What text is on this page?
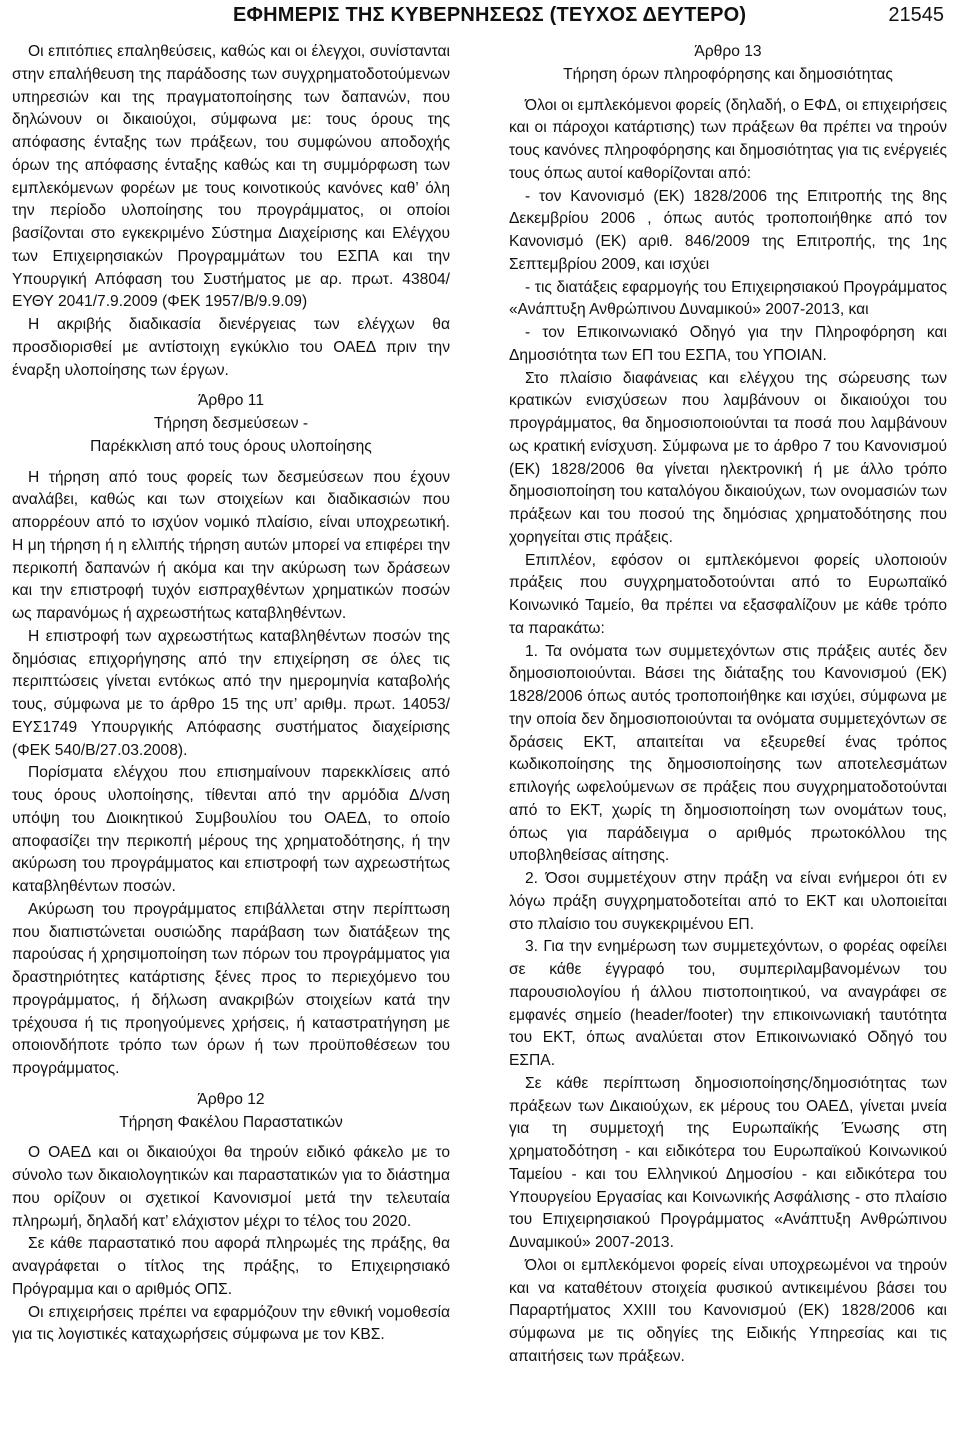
ΕΦΗΜΕΡΙΣ ΤΗΣ ΚΥΒΕΡΝΗΣΕΩΣ (ΤΕΥΧΟΣ ΔΕΥΤΕΡΟ)	21545

Οι επιτόπιες επαληθεύσεις, καθώς και οι έλεγχοι, συνίστανται στην επαλήθευση της παράδοσης των συγχρηματοδοτούμενων υπηρεσιών και της πραγματοποίησης των δαπανών, που δηλώνουν οι δικαιούχοι, σύμφωνα με: τους όρους της απόφασης ένταξης των πράξεων, του συμφώνου αποδοχής όρων της απόφασης ένταξης καθώς και τη συμμόρφωση των εμπλεκόμενων φορέων με τους κοινοτικούς κανόνες καθ’ όλη την περίοδο υλοποίησης του προγράμματος, οι οποίοι βασίζονται στο εγκεκριμένο Σύστημα Διαχείρισης και Ελέγχου των Επιχειρησιακών Προγραμμάτων του ΕΣΠΑ και την Υπουργική Απόφαση του Συστήματος με αρ. πρωτ. 43804/ΕΥΘΥ 2041/7.9.2009 (ΦΕΚ 1957/Β/9.9.09)

Η ακριβής διαδικασία διενέργειας των ελέγχων θα προσδιορισθεί με αντίστοιχη εγκύκλιο του ΟΑΕΔ πριν την έναρξη υλοποίησης των έργων.

Άρθρο 11

Τήρηση δεσμεύσεων -

Παρέκκλιση από τους όρους υλοποίησης

Η τήρηση από τους φορείς των δεσμεύσεων που έχουν αναλάβει, καθώς και των στοιχείων και διαδικασιών που απορρέουν από το ισχύον νομικό πλαίσιο, είναι υποχρεωτική. Η μη τήρηση ή η ελλιπής τήρηση αυτών μπορεί να επιφέρει την περικοπή δαπανών ή ακόμα και την ακύρωση των δράσεων και την επιστροφή τυχόν εισπραχθέντων χρηματικών ποσών ως παρανόμως ή αχρεωστήτως καταβληθέντων.

Η επιστροφή των αχρεωστήτως καταβληθέντων ποσών της δημόσιας επιχορήγησης από την επιχείρηση σε όλες τις περιπτώσεις γίνεται εντόκως από την ημερομηνία καταβολής τους, σύμφωνα με το άρθρο 15 της υπ’ αριθμ. πρωτ. 14053/ΕΥΣ1749 Υπουργικής Απόφασης συστήματος διαχείρισης (ΦΕΚ 540/Β/27.03.2008).

Πορίσματα ελέγχου που επισημαίνουν παρεκκλίσεις από τους όρους υλοποίησης, τίθενται από την αρμόδια Δ/νση υπόψη του Διοικητικού Συμβουλίου του ΟΑΕΔ, το οποίο αποφασίζει την περικοπή μέρους της χρηματοδότησης, ή την ακύρωση του προγράμματος και επιστροφή των αχρεωστήτως καταβληθέντων ποσών.

Ακύρωση του προγράμματος επιβάλλεται στην περίπτωση που διαπιστώνεται ουσιώδης παράβαση των διατάξεων της παρούσας ή χρησιμοποίηση των πόρων του προγράμματος για δραστηριότητες κατάρτισης ξένες προς το περιεχόμενο του προγράμματος, ή δήλωση ανακριβών στοιχείων κατά την τρέχουσα ή τις προηγούμενες χρήσεις, ή καταστρατήγηση με οποιονδήποτε τρόπο των όρων ή των προϋποθέσεων του προγράμματος.

Άρθρο 12

Τήρηση Φακέλου Παραστατικών

Ο ΟΑΕΔ και οι δικαιούχοι θα τηρούν ειδικό φάκελο με το σύνολο των δικαιολογητικών και παραστατικών για το διάστημα που ορίζουν οι σχετικοί Κανονισμοί μετά την τελευταία πληρωμή, δηλαδή κατ’ ελάχιστον μέχρι το τέλος του 2020.

Σε κάθε παραστατικό που αφορά πληρωμές της πράξης, θα αναγράφεται ο τίτλος της πράξης, το Επιχειρησιακό Πρόγραμμα και ο αριθμός ΟΠΣ.

Οι επιχειρήσεις πρέπει να εφαρμόζουν την εθνική νομοθεσία για τις λογιστικές καταχωρήσεις σύμφωνα με τον ΚΒΣ.

Άρθρο 13

Τήρηση όρων πληροφόρησης και δημοσιότητας

Όλοι οι εμπλεκόμενοι φορείς (δηλαδή, ο ΕΦΔ, οι επιχειρήσεις και οι πάροχοι κατάρτισης) των πράξεων θα πρέπει να τηρούν τους κανόνες πληροφόρησης και δημοσιότητας για τις ενέργειές τους όπως αυτοί καθορίζονται από:

- τον Κανονισμό (ΕΚ) 1828/2006 της Επιτροπής της 8ης Δεκεμβρίου 2006 , όπως αυτός τροποποιήθηκε από τον Κανονισμό (ΕΚ) αριθ. 846/2009 της Επιτροπής, της 1ης Σεπτεμβρίου 2009, και ισχύει

- τις διατάξεις εφαρμογής του Επιχειρησιακού Προγράμματος «Ανάπτυξη Ανθρώπινου Δυναμικού» 2007-2013, και

- τον Επικοινωνιακό Οδηγό για την Πληροφόρηση και Δημοσιότητα των ΕΠ του ΕΣΠΑ, του ΥΠΟΙΑΝ.

Στο πλαίσιο διαφάνειας και ελέγχου της σώρευσης των κρατικών ενισχύσεων που λαμβάνουν οι δικαιούχοι του προγράμματος, θα δημοσιοποιούνται τα ποσά που λαμβάνουν ως κρατική ενίσχυση. Σύμφωνα με το άρθρο 7 του Κανονισμού (ΕΚ) 1828/2006 θα γίνεται ηλεκτρονική ή με άλλο τρόπο δημοσιοποίηση του καταλόγου δικαιούχων, των ονομασιών των πράξεων και του ποσού της δημόσιας χρηματοδότησης που χορηγείται στις πράξεις.

Επιπλέον, εφόσον οι εμπλεκόμενοι φορείς υλοποιούν πράξεις που συγχρηματοδοτούνται από το Ευρωπαϊκό Κοινωνικό Ταμείο, θα πρέπει να εξασφαλίζουν με κάθε τρόπο τα παρακάτω:

1. Τα ονόματα των συμμετεχόντων στις πράξεις αυτές δεν δημοσιοποιούνται. Βάσει της διάταξης του Κανονισμού (ΕΚ) 1828/2006 όπως αυτός τροποποιήθηκε και ισχύει, σύμφωνα με την οποία δεν δημοσιοποιούνται τα ονόματα συμμετεχόντων σε δράσεις ΕΚΤ, απαιτείται να εξευρεθεί ένας τρόπος κωδικοποίησης της δημοσιοποίησης των αποτελεσμάτων επιλογής ωφελούμενων σε πράξεις που συγχρηματοδοτούνται από το ΕΚΤ, χωρίς τη δημοσιοποίηση των ονομάτων τους, όπως για παράδειγμα ο αριθμός πρωτοκόλλου της υποβληθείσας αίτησης.

2. Όσοι συμμετέχουν στην πράξη να είναι ενήμεροι ότι εν λόγω πράξη συγχρηματοδοτείται από το ΕΚΤ και υλοποιείται στο πλαίσιο του συγκεκριμένου ΕΠ.

3. Για την ενημέρωση των συμμετεχόντων, ο φορέας οφείλει σε κάθε έγγραφό του, συμπεριλαμβανομένων του παρουσιολογίου ή άλλου πιστοποιητικού, να αναγράφει σε εμφανές σημείο (header/footer) την επικοινωνιακή ταυτότητα του ΕΚΤ, όπως αναλύεται στον Επικοινωνιακό Οδηγό του ΕΣΠΑ.

Σε κάθε περίπτωση δημοσιοποίησης/δημοσιότητας των πράξεων των Δικαιούχων, εκ μέρους του ΟΑΕΔ, γίνεται μνεία για τη συμμετοχή της Ευρωπαϊκής Ένωσης στη χρηματοδότηση - και ειδικότερα του Ευρωπαϊκού Κοινωνικού Ταμείου - και του Ελληνικού Δημοσίου - και ειδικότερα του Υπουργείου Εργασίας και Κοινωνικής Ασφάλισης - στο πλαίσιο του Επιχειρησιακού Προγράμματος «Ανάπτυξη Ανθρώπινου Δυναμικού» 2007-2013.

Όλοι οι εμπλεκόμενοι φορείς είναι υποχρεωμένοι να τηρούν και να καταθέτουν στοιχεία φυσικού αντικειμένου βάσει του Παραρτήματος XXIII του Κανονισμού (ΕΚ) 1828/2006 και σύμφωνα με τις οδηγίες της Ειδικής Υπηρεσίας και τις απαιτήσεις των πράξεων.
